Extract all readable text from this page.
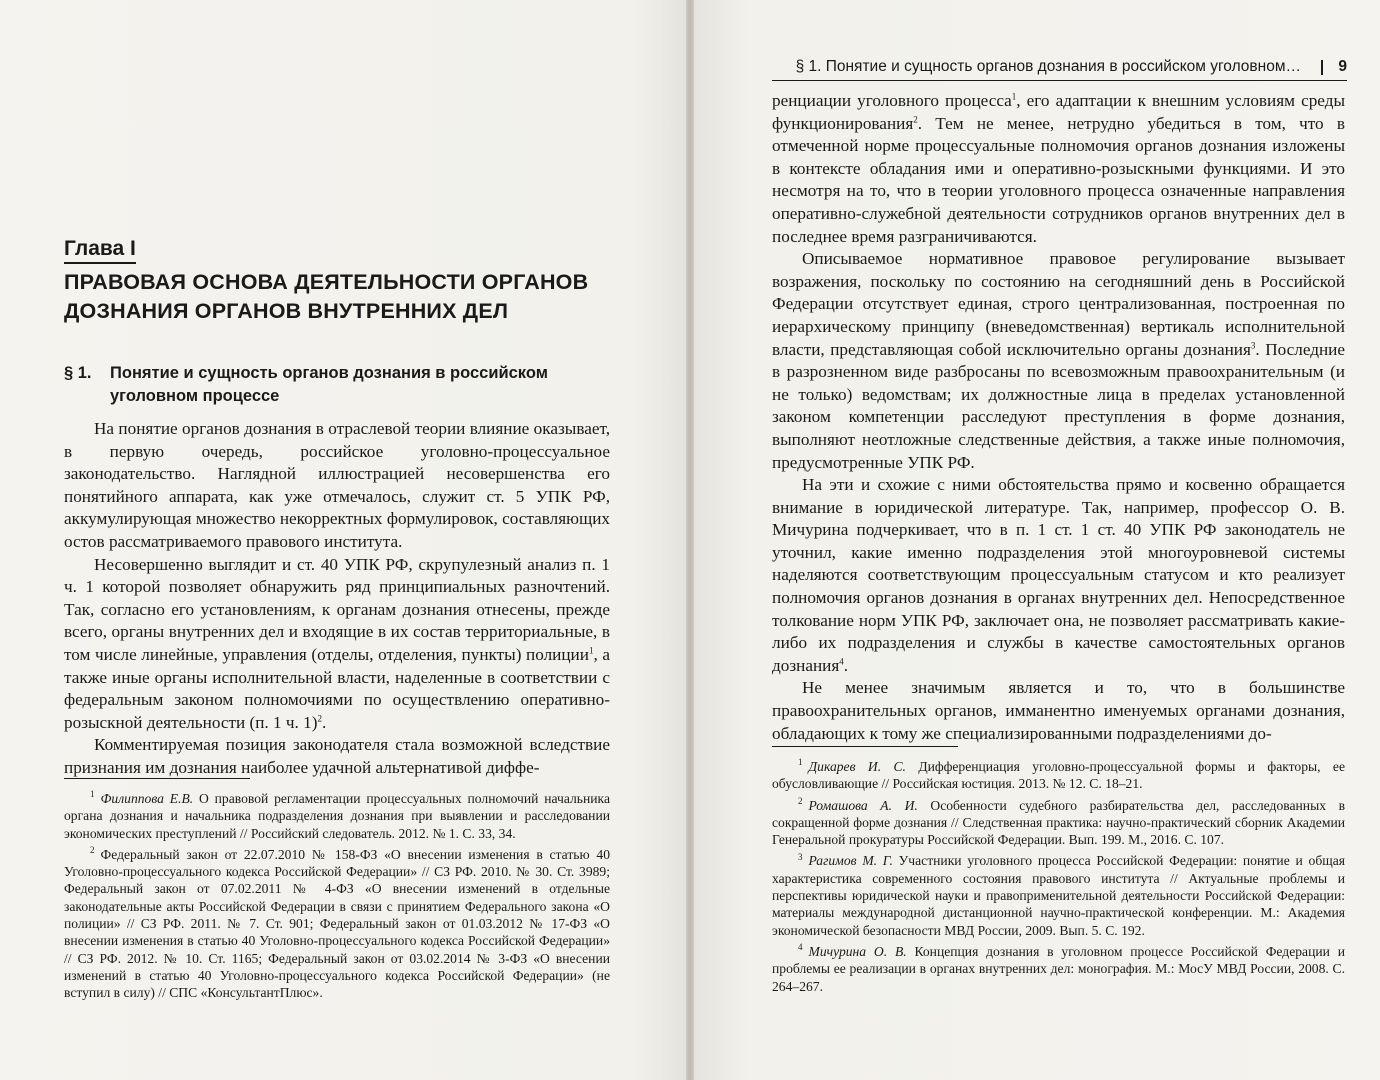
Глава I
ПРАВОВАЯ ОСНОВА ДЕЯТЕЛЬНОСТИ ОРГАНОВ
ДОЗНАНИЯ ОРГАНОВ ВНУТРЕННИХ ДЕЛ
§ 1. Понятие и сущность органов дознания в российском
уголовном процессе

На понятие органов дознания в отраслевой теории влияние оказывает, в первую очередь, российское уголовно-процессуальное законодательство. Наглядной иллюстрацией несовершенства его понятийного аппарата, как уже отмечалось, служит ст. 5 УПК РФ, аккумулирующая множество некорректных формулировок, составляющих остов рассматриваемого правового института.

Несовершенно выглядит и ст. 40 УПК РФ, скрупулезный анализ п. 1 ч. 1 которой позволяет обнаружить ряд принципиальных разночтений. Так, согласно его установлениям, к органам дознания отнесены, прежде всего, органы внутренних дел и входящие в их состав территориальные, в том числе линейные, управления (отделы, отделения, пункты) полиции$^1$, а также иные органы исполнительной власти, наделенные в соответствии с федеральным законом полномочиями по осуществлению оперативно-розыскной деятельности (п. 1 ч. 1)$^2$.

Комментируемая позиция законодателя стала возможной вследствие признания им дознания наиболее удачной альтернативой диффе-

$^1$ Филиппова Е.В. О правовой регламентации процессуальных полномочий начальника органа дознания и начальника подразделения дознания при выявлении и расследовании экономических преступлений // Российский следователь. 2012. № 1. С. 33, 34.

$^2$ Федеральный закон от 22.07.2010 № 158-ФЗ «О внесении изменения в статью 40 Уголовно-процессуального кодекса Российской Федерации» // СЗ РФ. 2010. № 30. Ст. 3989; Федеральный закон от 07.02.2011 № 4-ФЗ «О внесении изменений в отдельные законодательные акты Российской Федерации в связи с принятием Федерального закона «О полиции» // СЗ РФ. 2011. № 7. Ст. 901; Федеральный закон от 01.03.2012 № 17-ФЗ «О внесении изменения в статью 40 Уголовно-процессуального кодекса Российской Федерации» // СЗ РФ. 2012. № 10. Ст. 1165; Федеральный закон от 03.02.2014 № 3-ФЗ «О внесении изменений в статью 40 Уголовно-процессуального кодекса Российской Федерации» (не вступил в силу) // СПС «КонсультантПлюс».

§ 1. Понятие и сущность органов дознания в российском уголовном… 9

ренциации уголовного процесса$^1$, его адаптации к внешним условиям среды функционирования$^2$. Тем не менее, нетрудно убедиться в том, что в отмеченной норме процессуальные полномочия органов дознания изложены в контексте обладания ими и оперативно-розыскными функциями. И это несмотря на то, что в теории уголовного процесса означенные направления оперативно-служебной деятельности сотрудников органов внутренних дел в последнее время разграничиваются.

Описываемое нормативное правовое регулирование вызывает возражения, поскольку по состоянию на сегодняшний день в Российской Федерации отсутствует единая, строго централизованная, построенная по иерархическому принципу (вневедомственная) вертикаль исполнительной власти, представляющая собой исключительно органы дознания$^3$. Последние в разрозненном виде разбросаны по всевозможным правоохранительным (и не только) ведомствам; их должностные лица в пределах установленной законом компетенции расследуют преступления в форме дознания, выполняют неотложные следственные действия, а также иные полномочия, предусмотренные УПК РФ.

На эти и схожие с ними обстоятельства прямо и косвенно обращается внимание в юридической литературе. Так, например, профессор О. В. Мичурина подчеркивает, что в п. 1 ст. 1 ст. 40 УПК РФ законодатель не уточнил, какие именно подразделения этой многоуровневой системы наделяются соответствующим процессуальным статусом и кто реализует полномочия органов дознания в органах внутренних дел. Непосредственное толкование норм УПК РФ, заключает она, не позволяет рассматривать какие-либо их подразделения и службы в качестве самостоятельных органов дознания$^4$.

Не менее значимым является и то, что в большинстве правоохранительных органов, имманентно именуемых органами дознания, обладающих к тому же специализированными подразделениями до-

$^1$ Дикарев И. С. Дифференциация уголовно-процессуальной формы и факторы, ее обусловливающие // Российская юстиция. 2013. № 12. С. 18–21.

$^2$ Ромашова А. И. Особенности судебного разбирательства дел, расследованных в сокращенной форме дознания // Следственная практика: научно-практический сборник Академии Генеральной прокуратуры Российской Федерации. Вып. 199. М., 2016. С. 107.

$^3$ Рагимов М. Г. Участники уголовного процесса Российской Федерации: понятие и общая характеристика современного состояния правового института // Актуальные проблемы и перспективы юридической науки и правоприменительной деятельности Российской Федерации: материалы международной дистанционной научно-практической конференции. М.: Академия экономической безопасности МВД России, 2009. Вып. 5. С. 192.

$^4$ Мичурина О. В. Концепция дознания в уголовном процессе Российской Федерации и проблемы ее реализации в органах внутренних дел: монография. М.: МосУ МВД России, 2008. С. 264–267.
